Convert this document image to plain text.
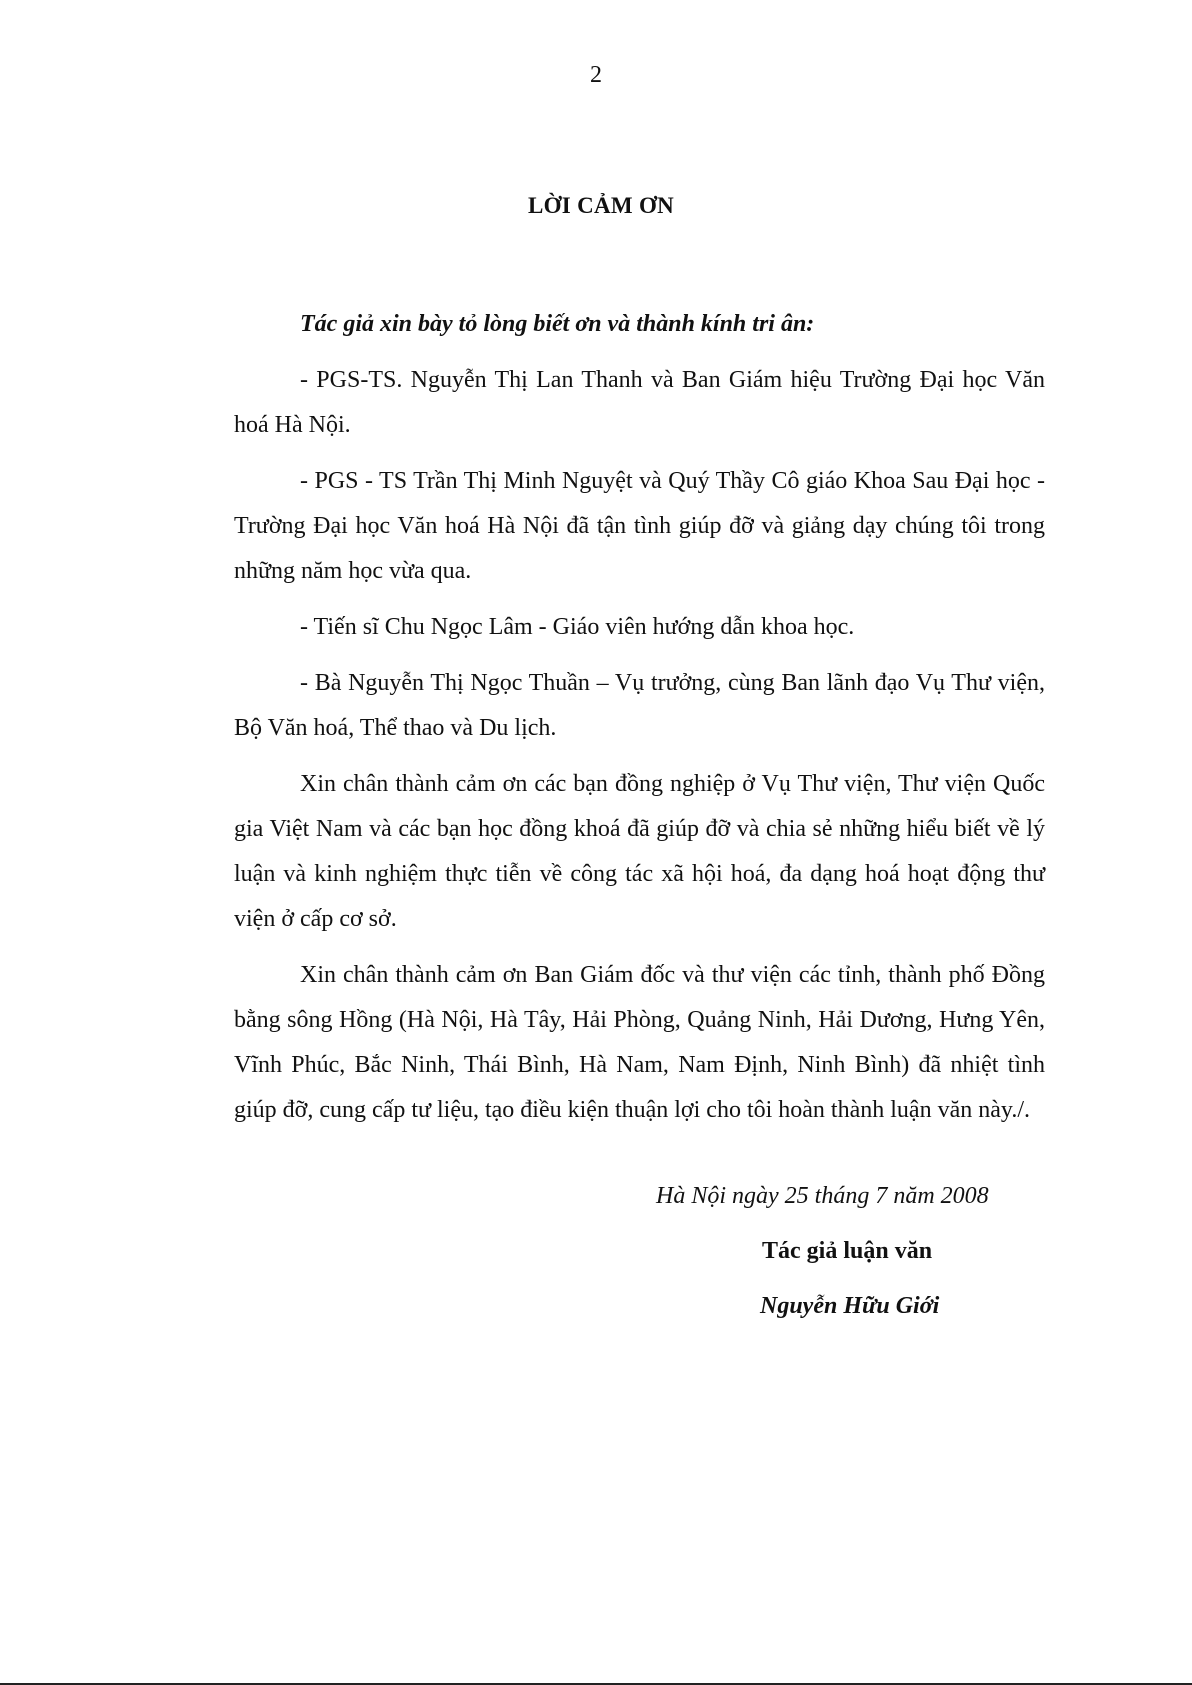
2
LỜI CẢM ƠN

Tác giả xin bày tỏ lòng biết ơn và thành kính tri ân:

- PGS-TS. Nguyễn Thị Lan Thanh và Ban Giám hiệu Trường Đại học Văn hoá Hà Nội.

- PGS - TS Trần Thị Minh Nguyệt và Quý Thầy Cô giáo Khoa Sau Đại học - Trường Đại học Văn hoá Hà Nội đã tận tình giúp đỡ và giảng dạy chúng tôi trong những năm học vừa qua.

- Tiến sĩ Chu Ngọc Lâm - Giáo viên hướng dẫn khoa học.

- Bà Nguyễn Thị Ngọc Thuần – Vụ trưởng, cùng Ban lãnh đạo Vụ Thư viện, Bộ Văn hoá, Thể thao và Du lịch.

Xin chân thành cảm ơn các bạn đồng nghiệp ở Vụ Thư viện, Thư viện Quốc gia Việt Nam và các bạn học đồng khoá đã giúp đỡ và chia sẻ những hiểu biết về lý luận và kinh nghiệm thực tiễn về công tác xã hội hoá, đa dạng hoá hoạt động thư viện ở cấp cơ sở.

Xin chân thành cảm ơn Ban Giám đốc và thư viện các tỉnh, thành phố Đồng bằng sông Hồng (Hà Nội, Hà Tây, Hải Phòng, Quảng Ninh, Hải Dương, Hưng Yên, Vĩnh Phúc, Bắc Ninh, Thái Bình, Hà Nam, Nam Định, Ninh Bình) đã nhiệt tình giúp đỡ, cung cấp tư liệu, tạo điều kiện thuận lợi cho tôi hoàn thành luận văn này./.

Hà Nội ngày 25 tháng 7 năm 2008
Tác giả luận văn
Nguyễn Hữu Giới
